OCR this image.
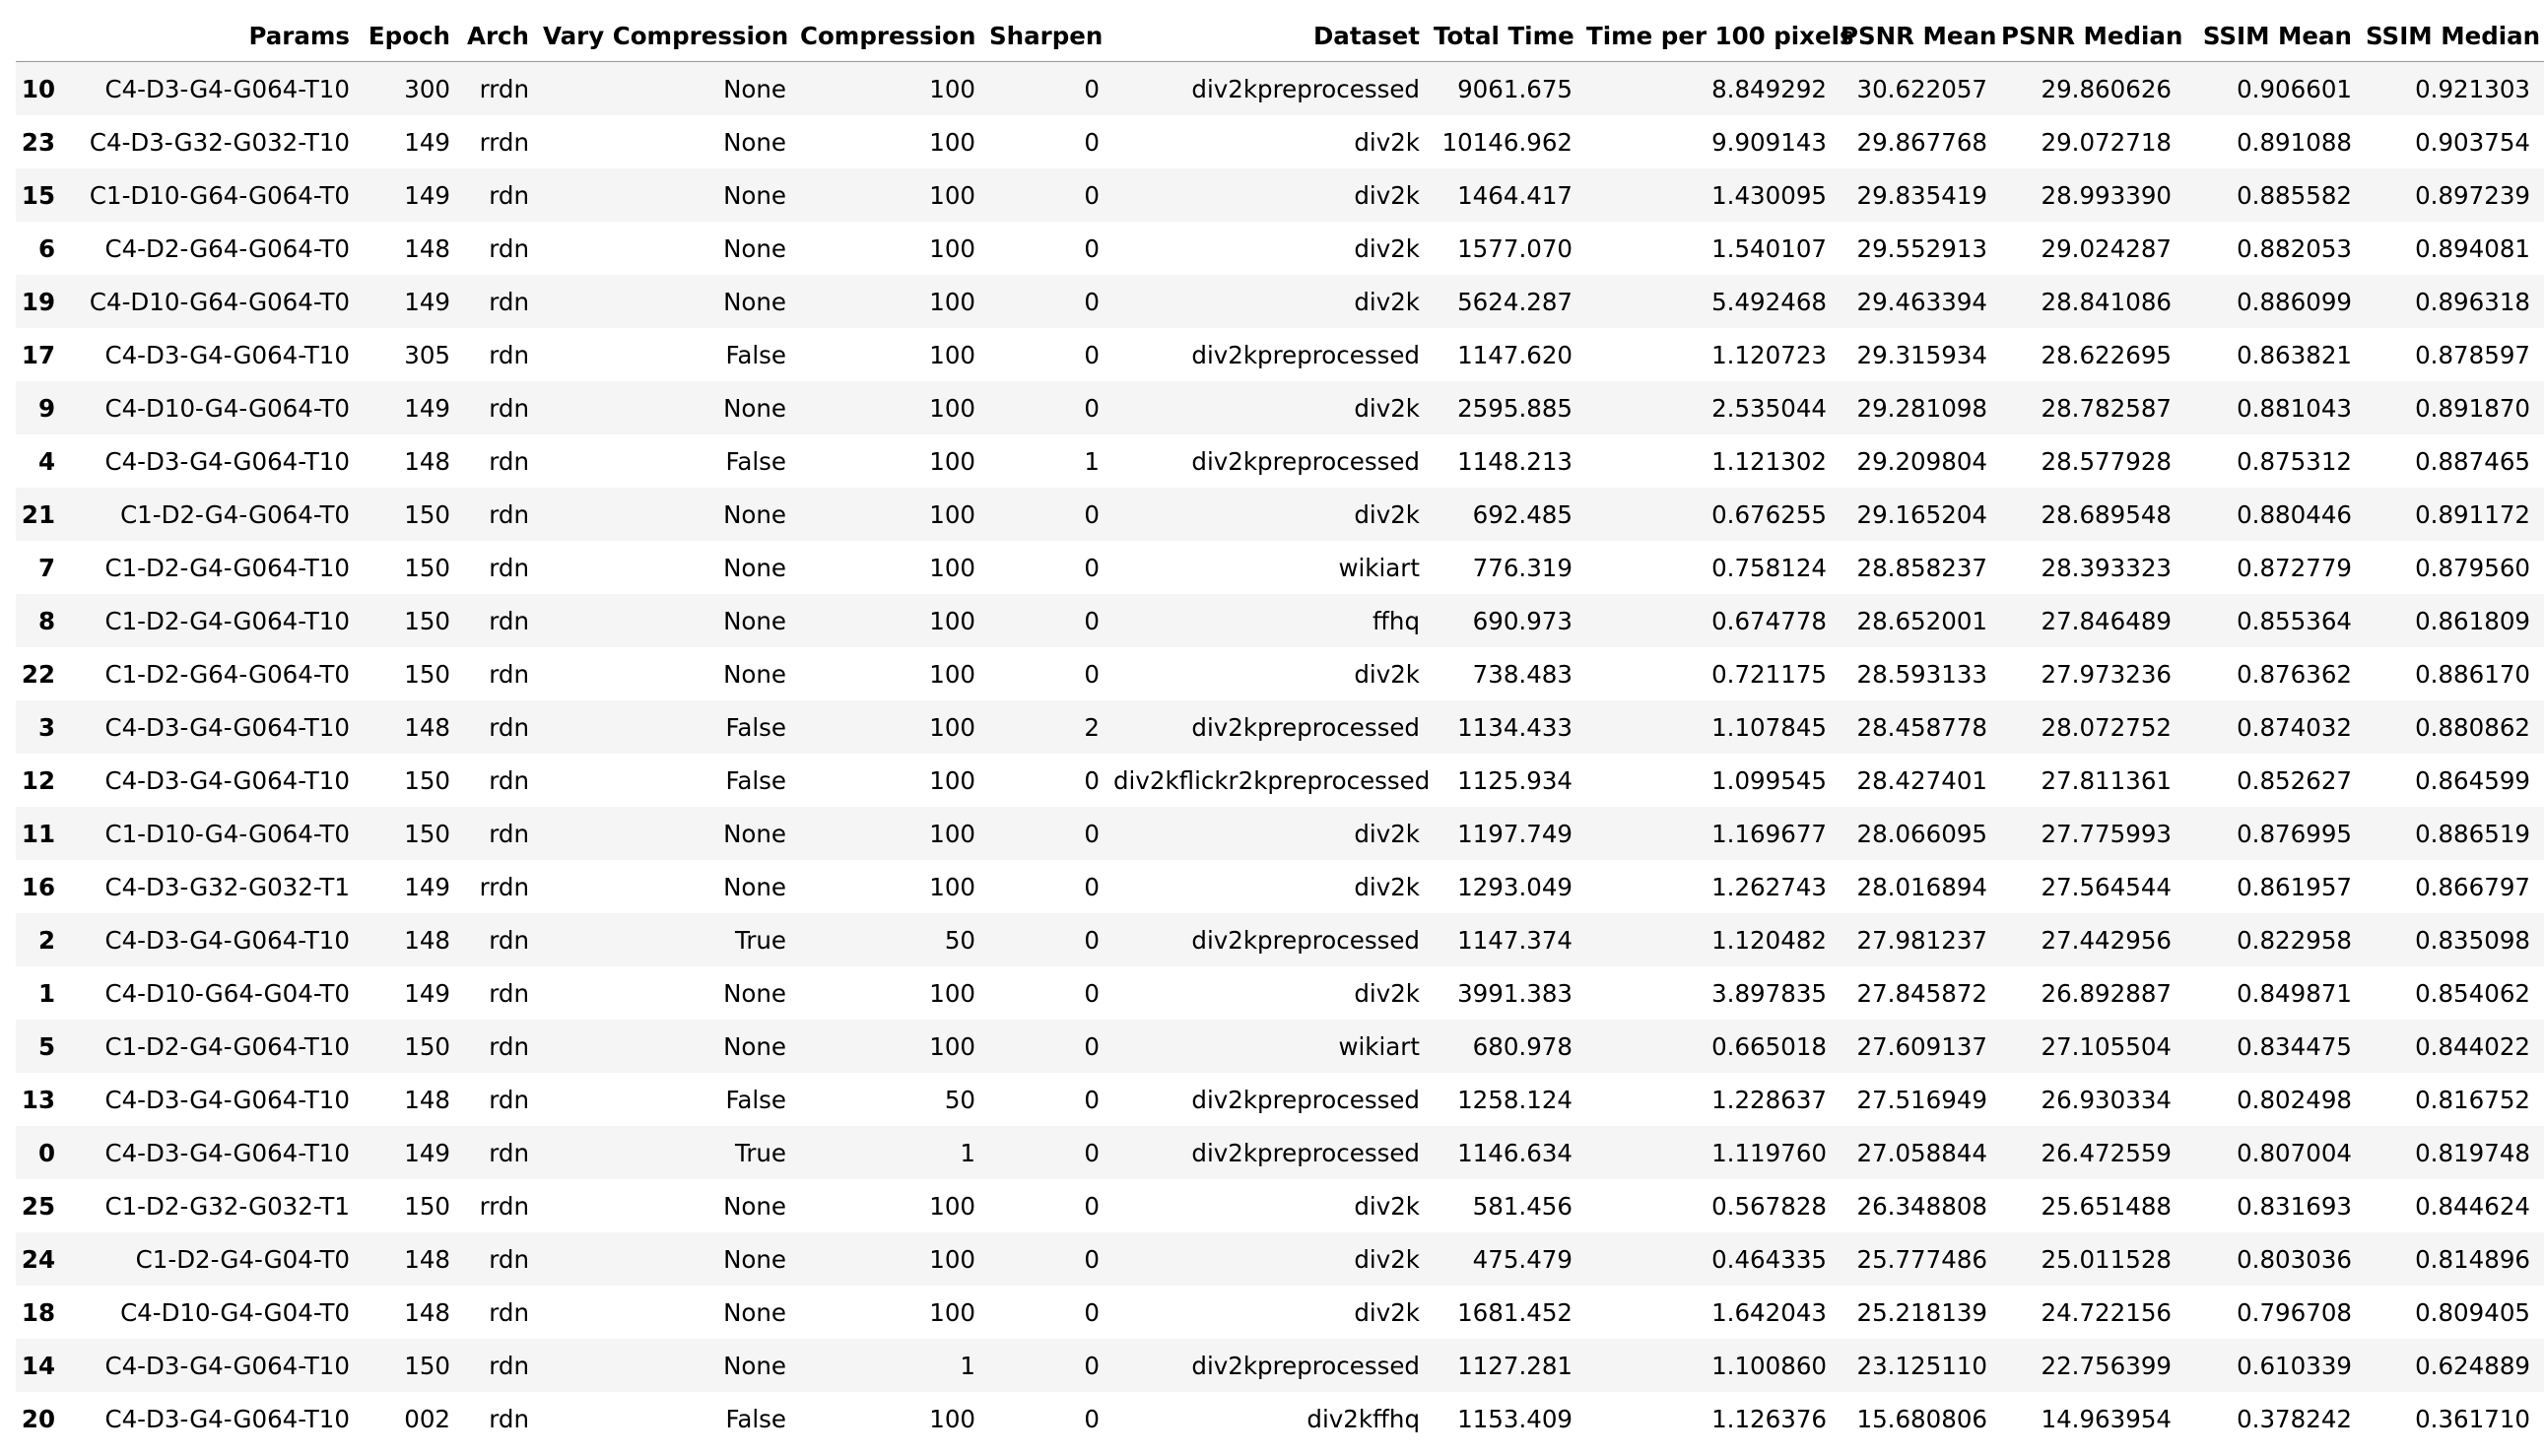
	Params	Epoch	Arch	Vary Compression	Compression	Sharpen	Dataset	Total Time	Time per 100 pixels	PSNR Mean	PSNR Median	SSIM Mean	SSIM Median
10	C4-D3-G4-G064-T10	300	rrdn	None	100	0	div2kpreprocessed	9061.675	8.849292	30.622057	29.860626	0.906601	0.921303
23	C4-D3-G32-G032-T10	149	rrdn	None	100	0	div2k	10146.962	9.909143	29.867768	29.072718	0.891088	0.903754
15	C1-D10-G64-G064-T0	149	rdn	None	100	0	div2k	1464.417	1.430095	29.835419	28.993390	0.885582	0.897239
6	C4-D2-G64-G064-T0	148	rdn	None	100	0	div2k	1577.070	1.540107	29.552913	29.024287	0.882053	0.894081
19	C4-D10-G64-G064-T0	149	rdn	None	100	0	div2k	5624.287	5.492468	29.463394	28.841086	0.886099	0.896318
17	C4-D3-G4-G064-T10	305	rdn	False	100	0	div2kpreprocessed	1147.620	1.120723	29.315934	28.622695	0.863821	0.878597
9	C4-D10-G4-G064-T0	149	rdn	None	100	0	div2k	2595.885	2.535044	29.281098	28.782587	0.881043	0.891870
4	C4-D3-G4-G064-T10	148	rdn	False	100	1	div2kpreprocessed	1148.213	1.121302	29.209804	28.577928	0.875312	0.887465
21	C1-D2-G4-G064-T0	150	rdn	None	100	0	div2k	692.485	0.676255	29.165204	28.689548	0.880446	0.891172
7	C1-D2-G4-G064-T10	150	rdn	None	100	0	wikiart	776.319	0.758124	28.858237	28.393323	0.872779	0.879560
8	C1-D2-G4-G064-T10	150	rdn	None	100	0	ffhq	690.973	0.674778	28.652001	27.846489	0.855364	0.861809
22	C1-D2-G64-G064-T0	150	rdn	None	100	0	div2k	738.483	0.721175	28.593133	27.973236	0.876362	0.886170
3	C4-D3-G4-G064-T10	148	rdn	False	100	2	div2kpreprocessed	1134.433	1.107845	28.458778	28.072752	0.874032	0.880862
12	C4-D3-G4-G064-T10	150	rdn	False	100	0	div2kflickr2kpreprocessed	1125.934	1.099545	28.427401	27.811361	0.852627	0.864599
11	C1-D10-G4-G064-T0	150	rdn	None	100	0	div2k	1197.749	1.169677	28.066095	27.775993	0.876995	0.886519
16	C4-D3-G32-G032-T1	149	rrdn	None	100	0	div2k	1293.049	1.262743	28.016894	27.564544	0.861957	0.866797
2	C4-D3-G4-G064-T10	148	rdn	True	50	0	div2kpreprocessed	1147.374	1.120482	27.981237	27.442956	0.822958	0.835098
1	C4-D10-G64-G04-T0	149	rdn	None	100	0	div2k	3991.383	3.897835	27.845872	26.892887	0.849871	0.854062
5	C1-D2-G4-G064-T10	150	rdn	None	100	0	wikiart	680.978	0.665018	27.609137	27.105504	0.834475	0.844022
13	C4-D3-G4-G064-T10	148	rdn	False	50	0	div2kpreprocessed	1258.124	1.228637	27.516949	26.930334	0.802498	0.816752
0	C4-D3-G4-G064-T10	149	rdn	True	1	0	div2kpreprocessed	1146.634	1.119760	27.058844	26.472559	0.807004	0.819748
25	C1-D2-G32-G032-T1	150	rrdn	None	100	0	div2k	581.456	0.567828	26.348808	25.651488	0.831693	0.844624
24	C1-D2-G4-G04-T0	148	rdn	None	100	0	div2k	475.479	0.464335	25.777486	25.011528	0.803036	0.814896
18	C4-D10-G4-G04-T0	148	rdn	None	100	0	div2k	1681.452	1.642043	25.218139	24.722156	0.796708	0.809405
14	C4-D3-G4-G064-T10	150	rdn	None	1	0	div2kpreprocessed	1127.281	1.100860	23.125110	22.756399	0.610339	0.624889
20	C4-D3-G4-G064-T10	002	rdn	False	100	0	div2kffhq	1153.409	1.126376	15.680806	14.963954	0.378242	0.361710
